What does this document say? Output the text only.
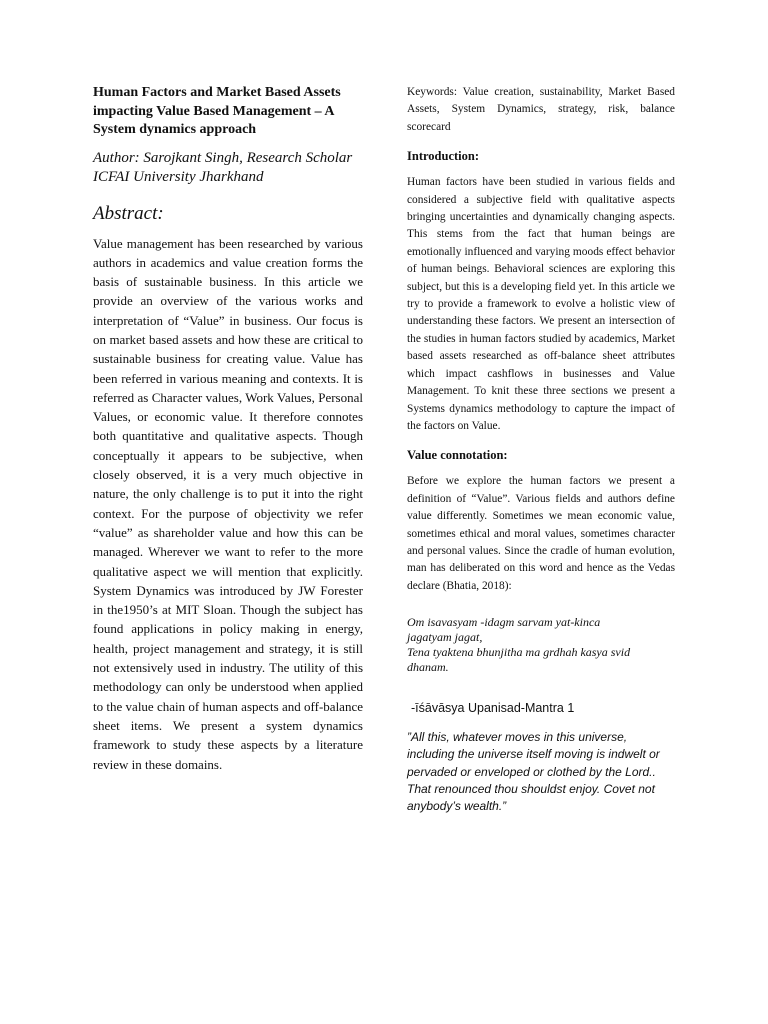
Human Factors and Market Based Assets impacting Value Based Management – A System dynamics approach

Author: Sarojkant Singh, Research Scholar

ICFAI University Jharkhand

Abstract:

Value management has been researched by various authors in academics and value creation forms the basis of sustainable business. In this article we provide an overview of the various works and interpretation of “Value” in business. Our focus is on market based assets and how these are critical to sustainable business for creating value. Value has been referred in various meaning and contexts. It is referred as Character values, Work Values, Personal Values, or economic value. It therefore connotes both quantitative and qualitative aspects. Though conceptually it appears to be subjective, when closely observed, it is a very much objective in nature, the only challenge is to put it into the right context. For the purpose of objectivity we refer “value” as shareholder value and how this can be managed. Wherever we want to refer to the more qualitative aspect we will mention that explicitly. System Dynamics was introduced by JW Forester in the1950’s at MIT Sloan. Though the subject has found applications in policy making in energy, health, project management and strategy, it is still not extensively used in industry. The utility of this methodology can only be understood when applied to the value chain of human aspects and off-balance sheet items. We present a system dynamics framework to study these aspects by a literature review in these domains.

Keywords: Value creation, sustainability, Market Based Assets, System Dynamics, strategy, risk, balance scorecard

Introduction:

Human factors have been studied in various fields and considered a subjective field with qualitative aspects bringing uncertainties and dynamically changing aspects. This stems from the fact that human beings are emotionally influenced and varying moods effect behavior of human beings. Behavioral sciences are exploring this subject, but this is a developing field yet. In this article we try to provide a framework to evolve a holistic view of understanding these factors. We present an intersection of the studies in human factors studied by academics, Market based assets researched as off-balance sheet attributes which impact cashflows in businesses and Value Management. To knit these three sections we present a Systems dynamics methodology to capture the impact of the factors on Value.

Value connotation:

Before we explore the human factors we present a definition of “Value”. Various fields and authors define value differently. Sometimes we mean economic value, sometimes ethical and moral values, sometimes character and personal values. Since the cradle of human evolution, man has deliberated on this word and hence as the Vedas declare (Bhatia, 2018):

Om isavasyam -idagm sarvam yat-kinca
jagatyam jagat,
Tena tyaktena bhunjitha ma grdhah kasya svid
dhanam.

-īśāvāsya Upanisad-Mantra 1

”All this, whatever moves in this universe, including the universe itself moving is indwelt or pervaded or enveloped or clothed by the Lord.. That renounced thou shouldst enjoy. Covet not anybody’s wealth.”
